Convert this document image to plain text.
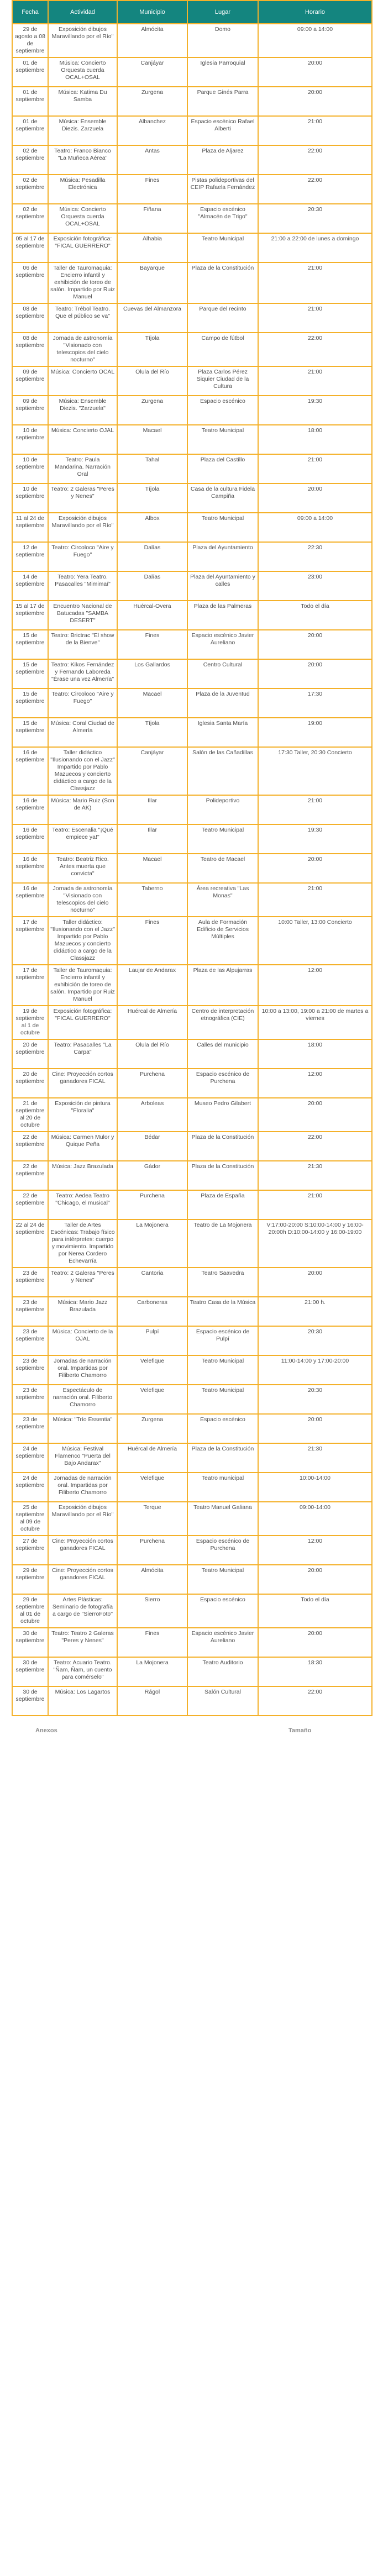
Fecha	Actividad	Municipio	Lugar	Horario
29 de agosto a 08 de septiembre	Exposición dibujos Maravillando por el Río"	Almócita	Domo	09:00 a 14:00
01 de septiembre	Música: Concierto Orquesta cuerda OCAL+OSAL	Canjáyar	Iglesia Parroquial	20:00
01 de septiembre	Música: Katima Du Samba	Zurgena	Parque Ginés Parra	20:00
01 de septiembre	Música: Ensemble Diezis. Zarzuela	Albanchez	Espacio escénico Rafael Alberti	21:00
02 de septiembre	Teatro: Franco Bianco "La Muñeca Aérea"	Antas	Plaza de Aljarez	22:00
02 de septiembre	Música: Pesadilla Electrónica	Fines	Pistas polideportivas del CEIP Rafaela Fernández	22:00
02 de septiembre	Música: Concierto Orquesta cuerda OCAL+OSAL	Fiñana	Espacio escénico "Almacén de Trigo"	20:30
05 al 17 de septiembre	Exposición fotográfica: "FICAL GUERRERO"	Alhabia	Teatro Municipal	21:00 a 22:00 de lunes a domingo
06 de septiembre	Taller de Tauromaquia: Encierro infantil y exhibición de toreo de salón. Impartido por Ruiz Manuel	Bayarque	Plaza de la Constitución	21:00
08 de septiembre	Teatro: Trébol Teatro. Que el público se va"	Cuevas del Almanzora	Parque del recinto	21:00
08 de septiembre	Jornada de astronomía "Visionado con telescopios del cielo nocturno"	Tíjola	Campo de fútbol	22:00
09 de septiembre	Música: Concierto OCAL	Olula del Río	Plaza Carlos Pérez Siquier Ciudad de la Cultura	21:00
09 de septiembre	Música: Ensemble Diezis. "Zarzuela"	Zurgena	Espacio escénico	19:30
10 de septiembre	Música: Concierto OJAL	Macael	Teatro Municipal	18:00
10 de septiembre	Teatro: Paula Mandarina. Narración Oral	Tahal	Plaza del Castillo	21:00
10 de septiembre	Teatro: 2 Galeras "Peres y Nenes"	Tíjola	Casa de la cultura Fidela Campiña	20:00
11 al 24 de septiembre	Exposición dibujos Maravillando por el Río"	Albox	Teatro Municipal	09:00 a 14:00
12 de septiembre	Teatro: Circoloco "Aire y Fuego"	Dalías	Plaza del Ayuntamiento	22:30
14 de septiembre	Teatro: Yera Teatro. Pasacalles "Mimimaí"	Dalías	Plaza del Ayuntamiento y calles	23:00
15 al 17 de septiembre	Encuentro Nacional de Batucadas "SAMBA DESERT"	Huércal-Overa	Plaza de las Palmeras	Todo el día
15 de septiembre	Teatro: Brictrac "El show de la Bienve"	Fines	Espacio escénico Javier Aureliano	20:00
15 de septiembre	Teatro: Kikos Fernández y Fernando Laboreda "Érase una vez Almería"	Los Gallardos	Centro Cultural	20:00
15 de septiembre	Teatro: Circoloco "Aire y Fuego"	Macael	Plaza de la Juventud	17:30
15 de septiembre	Música: Coral Ciudad de Almería	Tíjola	Iglesia Santa María	19:00
16 de septiembre	Taller didáctico "Ilusionando con el Jazz" Impartido por Pablo Mazuecos y concierto didáctico a cargo de la Classjazz	Canjáyar	Salón de las Cañadillas	17:30 Taller, 20:30 Concierto
16 de septiembre	Música: Mario Ruiz (Son de AK)	Illar	Polideportivo	21:00
16 de septiembre	Teatro: Escenalia "¡Qué empiece ya!"	Illar	Teatro Municipal	19:30
16 de septiembre	Teatro: Beatriz Rico. Antes muerta que convicta"	Macael	Teatro de Macael	20:00
16 de septiembre	Jornada de astronomía "Visionado con telescopios del cielo nocturno"	Taberno	Área recreativa "Las Monas"	21:00
17 de septiembre	Taller didáctico: "Ilusionando con el Jazz" Impartido por Pablo Mazuecos y concierto didáctico a cargo de la Classjazz	Fines	Aula de Formación Edificio de Servicios Múltiples	10:00 Taller, 13:00 Concierto
17 de septiembre	Taller de Tauromaquia: Encierro infantil y exhibición de toreo de salón. Impartido por Ruiz Manuel	Laujar de Andarax	Plaza de las Alpujarras	12:00
19 de septiembre al 1 de octubre	Exposición fotográfica: "FICAL GUERRERO"	Huércal de Almería	Centro de interpretación etnográfica (CIE)	10:00 a 13:00, 19:00 a 21:00 de martes a viernes
20 de septiembre	Teatro: Pasacalles "La Carpa"	Olula del Río	Calles del municipio	18:00
20 de septiembre	Cine: Proyección cortos ganadores FICAL	Purchena	Espacio escénico de Purchena	12:00
21 de septiembre al 20 de octubre	Exposición de pintura "Floralia"	Arboleas	Museo Pedro Gilabert	20:00
22 de septiembre	Música: Carmen Mulor y Quique Peña	Bédar	Plaza de la Constitución	22:00
22 de septiembre	Música: Jazz Brazulada	Gádor	Plaza de la Constitución	21:30
22 de septiembre	Teatro: Aedea Teatro "Chicago, el musical"	Purchena	Plaza de España	21:00
22 al 24 de septiembre	Taller de Artes Escénicas: Trabajo físico para intérpretes: cuerpo y movimiento. Impartido por Nerea Cordero Echevarría	La Mojonera	Teatro de La Mojonera	V:17:00-20:00 S:10:00-14:00 y 16:00-20:00h D:10:00-14:00 y 16:00-19:00
23 de septiembre	Teatro: 2 Galeras "Peres y Nenes"	Cantoria	Teatro Saavedra	20:00
23 de septiembre	Música: Mario Jazz Brazulada	Carboneras	Teatro Casa de la Música	21:00 h.
23 de septiembre	Música: Concierto de la OJAL	Pulpí	Espacio escénico de Pulpí	20:30
23 de septiembre	Jornadas de narración oral. Impartidas por Filiberto Chamorro	Velefique	Teatro Municipal	11:00-14:00 y 17:00-20:00
23 de septiembre	Espectáculo de narración oral. Filiberto Chamorro	Velefique	Teatro Municipal	20:30
23 de septiembre	Música: "Trío Essentia"	Zurgena	Espacio escénico	20:00
24 de septiembre	Música: Festival Flamenco "Puerta del Bajo Andarax"	Huércal de Almería	Plaza de la Constitución	21:30
24 de septiembre	Jornadas de narración oral. Impartidas por Filiberto Chamorro	Velefique	Teatro municipal	10:00-14:00
25 de septiembre al 09 de octubre	Exposición dibujos Maravillando por el Río"	Terque	Teatro Manuel Galiana	09:00-14:00
27 de septiembre	Cine: Proyección cortos ganadores FICAL	Purchena	Espacio escénico de Purchena	12:00
29 de septiembre	Cine: Proyección cortos ganadores FICAL	Almócita	Teatro Municipal	20:00
29 de septiembre al 01 de octubre	Artes Plásticas: Seminario de fotografía a cargo de "SierroFoto"	Sierro	Espacio escénico	Todo el día
30 de septiembre	Teatro: Teatro 2 Galeras "Peres y Nenes"	Fines	Espacio escénico Javier Aureliano	20:00
30 de septiembre	Teatro: Acuario Teatro. "Ñam, Ñam, un cuento para comérselo"	La Mojonera	Teatro Auditorio	18:30
30 de septiembre	Música: Los Lagartos	Rágol	Salón Cultural	22:00
Anexos	Tamaño
